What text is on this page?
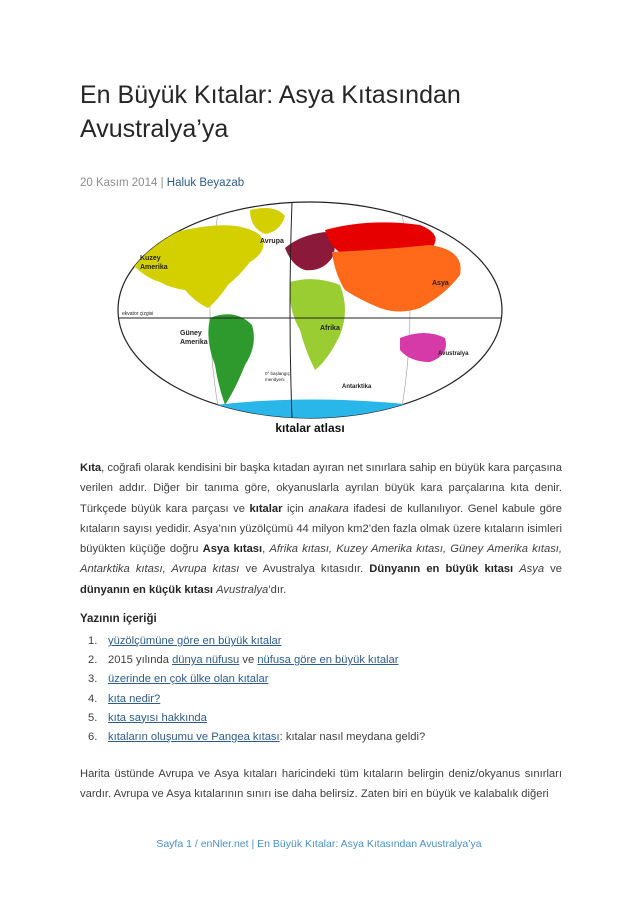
En Büyük Kıtalar: Asya Kıtasından Avustralya’ya
20 Kasım 2014 | Haluk Beyazab
Kuzey
Amerika
Avrupa
Asya
ekvator çizgisi
Güney
Amerika
Afrika
Avustralya
0° başlangıç
meridyeni
Antarktika
kıtalar atlası

Kıta, coğrafi olarak kendisini bir başka kıtadan ayıran net sınırlara sahip en büyük kara parçasına verilen addır. Diğer bir tanıma göre, okyanuslarla ayrılan büyük kara parçalarına kıta denir. Türkçede büyük kara parçası ve kıtalar için anakara ifadesi de kullanılıyor. Genel kabule göre kıtaların sayısı yedidir. Asya’nın yüzölçümü 44 milyon km2’den fazla olmak üzere kıtaların isimleri büyükten küçüğe doğru Asya kıtası, Afrika kıtası, Kuzey Amerika kıtası, Güney Amerika kıtası, Antarktika kıtası, Avrupa kıtası ve Avustralya kıtasıdır. Dünyanın en büyük kıtası Asya ve dünyanın en küçük kıtası Avustralya’dır.

Yazının içeriği
1. yüzölçümüne göre en büyük kıtalar
2. 2015 yılında dünya nüfusu ve nüfusa göre en büyük kıtalar
3. üzerinde en çok ülke olan kıtalar
4. kıta nedir?
5. kıta sayısı hakkında
6. kıtaların oluşumu ve Pangea kıtası: kıtalar nasıl meydana geldi?

Harita üstünde Avrupa ve Asya kıtaları haricindeki tüm kıtaların belirgin deniz/okyanus sınırları vardır. Avrupa ve Asya kıtalarının sınırı ise daha belirsiz. Zaten biri en büyük ve kalabalık diğeri

Sayfa 1 / enNler.net | En Büyük Kıtalar: Asya Kıtasından Avustralya’ya
